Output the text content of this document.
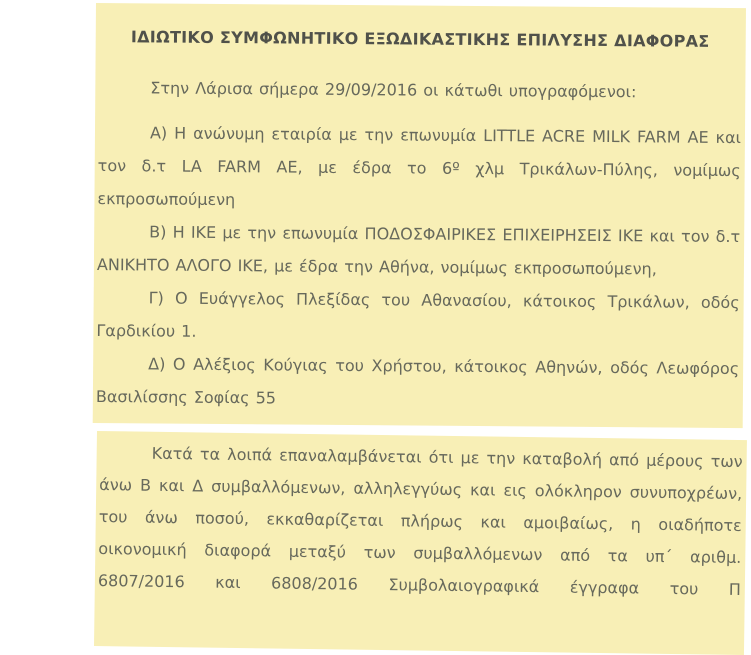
ΙΔΙΩΤΙΚΟ ΣΥΜΦΩΝΗΤΙΚΟ ΕΞΩΔΙΚΑΣΤΙΚΗΣ ΕΠΙΛΥΣΗΣ ΔΙΑΦΟΡΑΣ

Στην Λάρισα σήμερα 29/09/2016 οι κάτωθι υπογραφόμενοι:

Α) Η ανώνυμη εταιρία με την επωνυμία LITTLE ACRE MILK FARM ΑΕ και τον δ.τ LA FARM ΑΕ, με έδρα το 6º χλμ Τρικάλων-Πύλης, νομίμως εκπροσωπούμενη

Β) Η ΙΚΕ με την επωνυμία ΠΟΔΟΣΦΑΙΡΙΚΕΣ ΕΠΙΧΕΙΡΗΣΕΙΣ ΙΚΕ και τον δ.τ ΑΝΙΚΗΤΟ ΑΛΟΓΟ ΙΚΕ, με έδρα την Αθήνα, νομίμως εκπροσωπούμενη,

Γ) Ο Ευάγγελος Πλεξίδας του Αθανασίου, κάτοικος Τρικάλων, οδός Γαρδικίου 1.

Δ) Ο Αλέξιος Κούγιας του Χρήστου, κάτοικος Αθηνών, οδός Λεωφόρος Βασιλίσσης Σοφίας 55

Κατά τα λοιπά επαναλαμβάνεται ότι με την καταβολή από μέρους των άνω Β και Δ συμβαλλόμενων, αλληλεγγύως και εις ολόκληρον συνυποχρέων, του άνω ποσού, εκκαθαρίζεται πλήρως και αμοιβαίως, η οιαδήποτε οικονομική διαφορά μεταξύ των συμβαλλόμενων από τα υπ΄ αριθμ. 6807/2016 και 6808/2016 Συμβολαιογραφικά έγγραφα του Π
